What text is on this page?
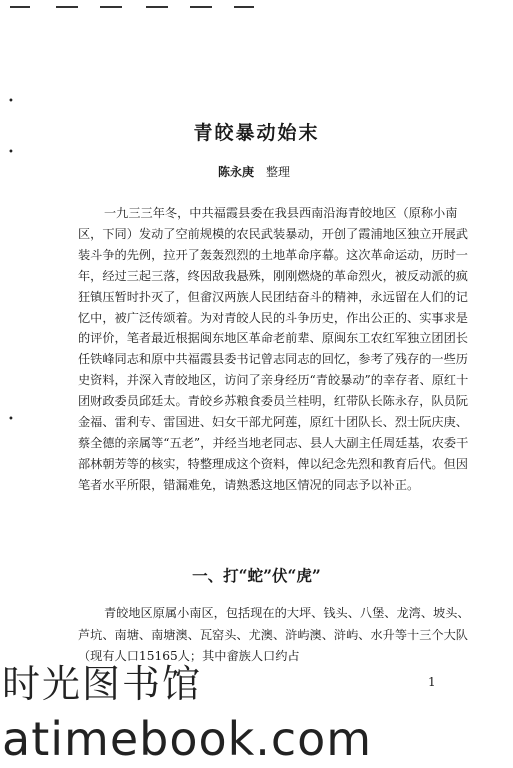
•
•
•
青皎暴动始末
陈永庚 整理

一九三三年冬，中共福霞县委在我县西南沿海青皎地区（原称小南区，下同）发动了空前规模的农民武装暴动，开创了霞浦地区独立开展武装斗争的先例，拉开了轰轰烈烈的土地革命序幕。这次革命运动，历时一年，经过三起三落，终因敌我悬殊，刚刚燃烧的革命烈火，被反动派的疯狂镇压暂时扑灭了，但畲汉两族人民团结奋斗的精神，永远留在人们的记忆中，被广泛传颂着。为对青皎人民的斗争历史，作出公正的、实事求是的评价，笔者最近根据闽东地区革命老前辈、原闽东工农红军独立团团长任铁峰同志和原中共福霞县委书记曾志同志的回忆，参考了残存的一些历史资料，并深入青皎地区，访问了亲身经历“青皎暴动”的幸存者、原红十团财政委员邱廷太。青皎乡苏粮食委员兰桂明，红带队长陈永存，队员阮金福、雷利专、雷国进、妇女干部尤阿莲，原红十团队长、烈士阮庆庚、蔡全德的亲属等“五老”，并经当地老同志、县人大副主任周廷基，农委干部林朝芳等的核实，特整理成这个资料，俾以纪念先烈和教育后代。但因笔者水平所限，错漏难免，请熟悉这地区情况的同志予以补正。

一、打“蛇”伏“虎”

青皎地区原属小南区，包括现在的大坪、钱头、八堡、龙湾、坡头、芦坑、南塘、南塘澳、瓦窑头、尤澳、浒屿澳、浒屿、水升等十三个大队（现有人口15165人；其中畲族人口约占

1
时光图书馆
atimebook.com
